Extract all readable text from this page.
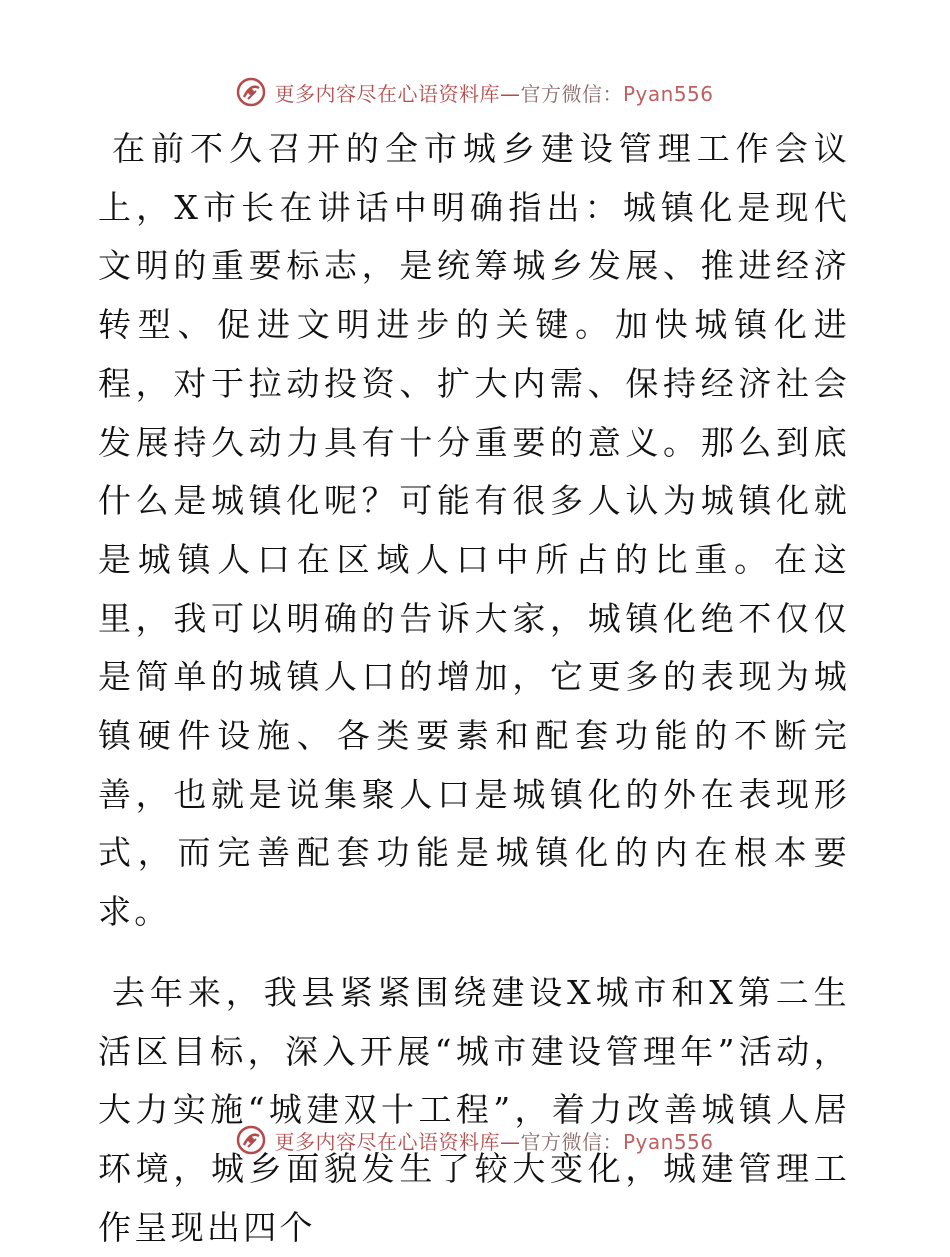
更多内容尽在心语资料库—官方微信：Pyan556

在前不久召开的全市城乡建设管理工作会议上，X市长在讲话中明确指出：城镇化是现代文明的重要标志，是统筹城乡发展、推进经济转型、促进文明进步的关键。加快城镇化进程，对于拉动投资、扩大内需、保持经济社会发展持久动力具有十分重要的意义。那么到底什么是城镇化呢？可能有很多人认为城镇化就是城镇人口在区域人口中所占的比重。在这里，我可以明确的告诉大家，城镇化绝不仅仅是简单的城镇人口的增加，它更多的表现为城镇硬件设施、各类要素和配套功能的不断完善，也就是说集聚人口是城镇化的外在表现形式，而完善配套功能是城镇化的内在根本要求。

去年来，我县紧紧围绕建设X城市和X第二生活区目标，深入开展“城市建设管理年”活动，大力实施“城建双十工程”，着力改善城镇人居环境，城乡面貌发生了较大变化，城建管理工作呈现出四个

更多内容尽在心语资料库—官方微信：Pyan556
